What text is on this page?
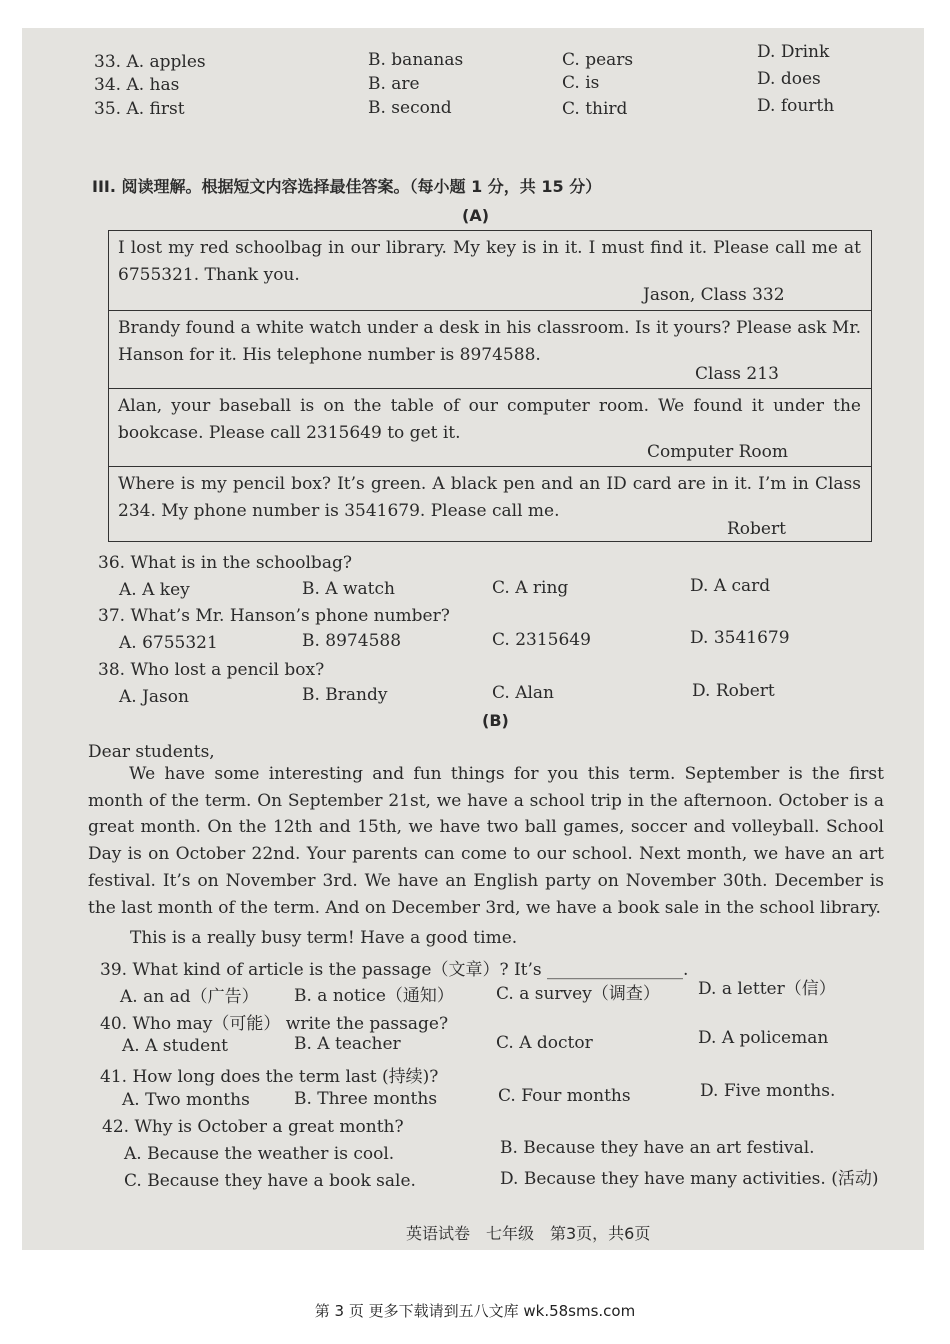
33. A. apples	B. bananas	C. pears	D. Drink
34. A. has	B. are	C. is	D. does
35. A. first	B. second	C. third	D. fourth
III. 阅读理解。根据短文内容选择最佳答案。（每小题 1 分，共 15 分）
(A)
I lost my red schoolbag in our library. My key is in it. I must find it. Please call me at 6755321. Thank you.
Jason, Class 332
Brandy found a white watch under a desk in his classroom. Is it yours? Please ask Mr. Hanson for it. His telephone number is 8974588.
Class 213
Alan, your baseball is on the table of our computer room. We found it under the bookcase. Please call 2315649 to get it.
Computer Room
Where is my pencil box? It’s green. A black pen and an ID card are in it. I’m in Class 234. My phone number is 3541679. Please call me.
Robert
36. What is in the schoolbag?
A. A key	B. A watch	C. A ring	D. A card
37. What’s Mr. Hanson’s phone number?
A. 6755321	B. 8974588	C. 2315649	D. 3541679
38. Who lost a pencil box?
A. Jason	B. Brandy	C. Alan	D. Robert
(B)
Dear students,
We have some interesting and fun things for you this term. September is the first month of the term. On September 21st, we have a school trip in the afternoon. October is a great month. On the 12th and 15th, we have two ball games, soccer and volleyball. School Day is on October 22nd. Your parents can come to our school. Next month, we have an art festival. It’s on November 3rd. We have an English party on November 30th. December is the last month of the term. And on December 3rd, we have a book sale in the school library.
This is a really busy term! Have a good time.
39. What kind of article is the passage（文章）? It’s ________________.
A. an ad（广告） B. a notice（通知） C. a survey（调查） D. a letter（信）
40. Who may（可能） write the passage?
A. A student	B. A teacher	C. A doctor	D. A policeman
41. How long does the term last (持续)?
A. Two months	B. Three months	C. Four months	D. Five months.
42. Why is October a great month?
A. Because the weather is cool.	B. Because they have an art festival.
C. Because they have a book sale.	D. Because they have many activities. (活动)
英语试卷　七年级　第3页，共6页
第 3 页 更多下载请到五八文库 wk.58sms.com
